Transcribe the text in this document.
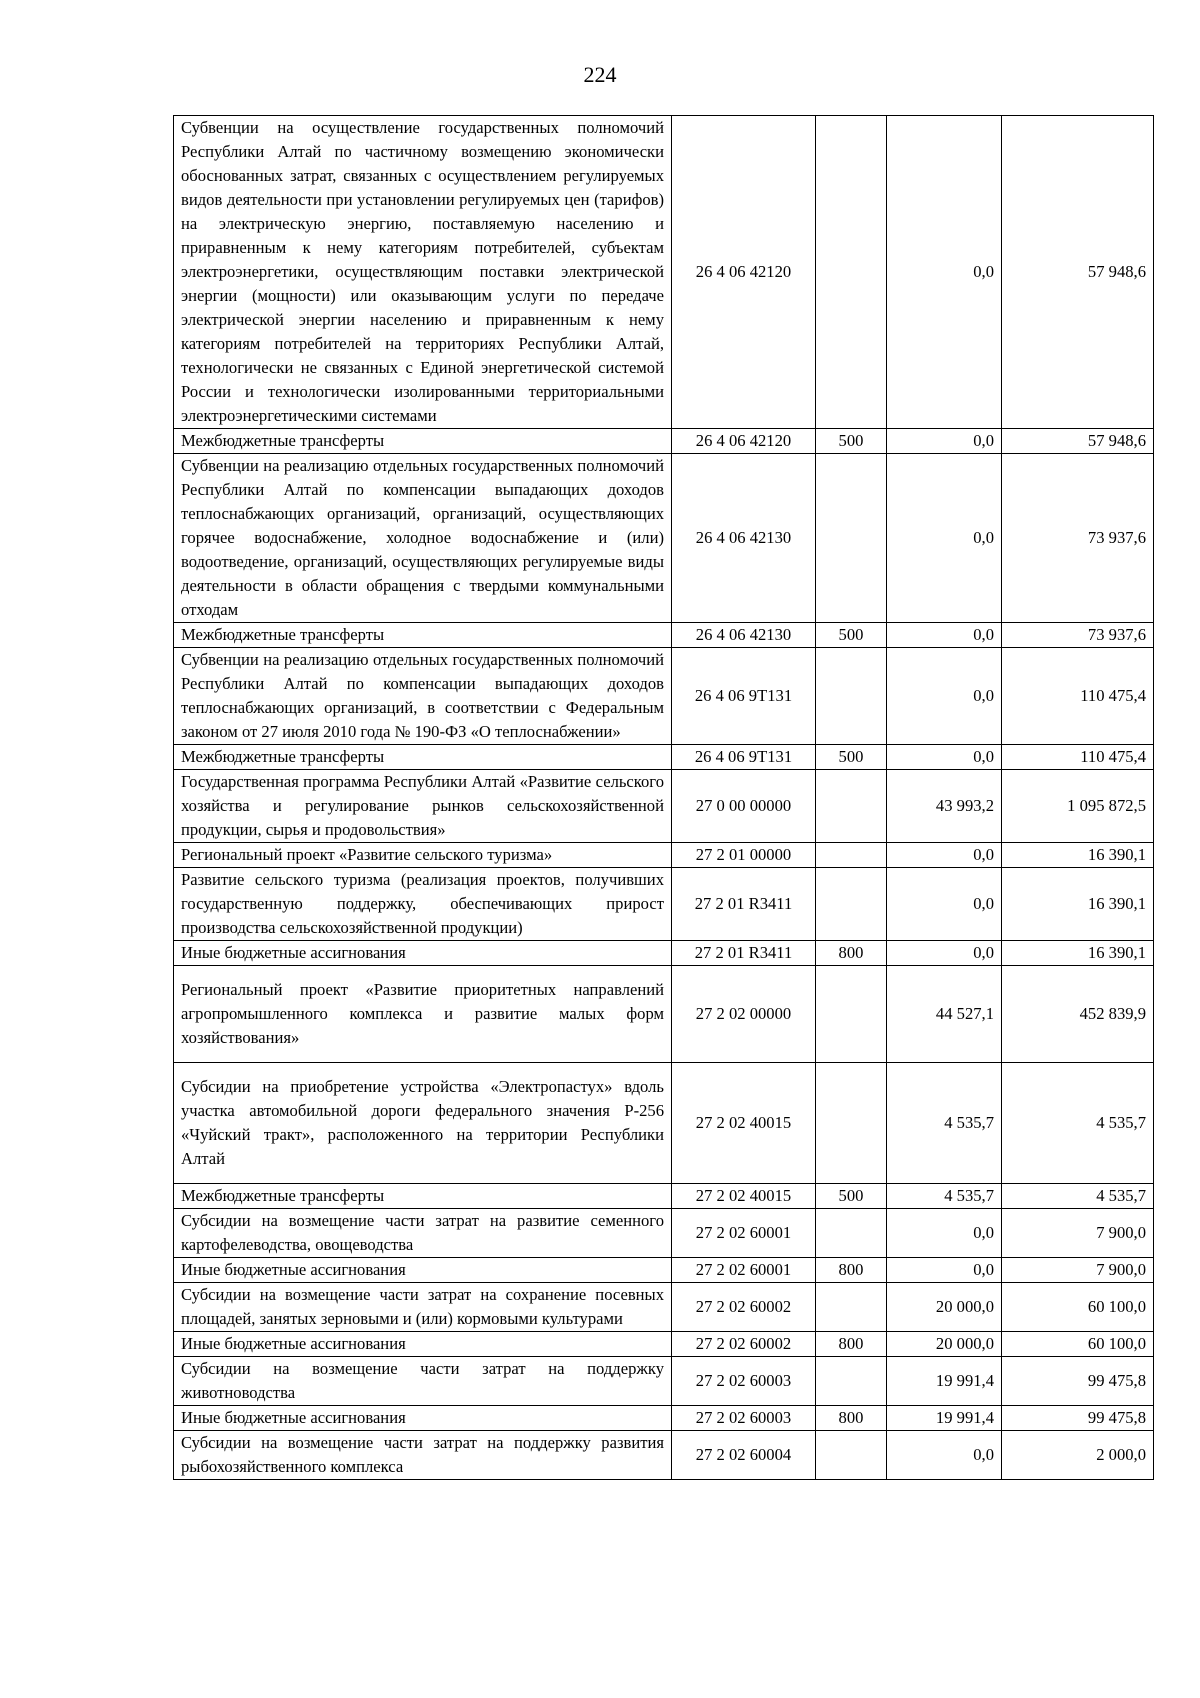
224
Субвенции на осуществление государственных полномочий Республики Алтай по частичному возмещению экономически обоснованных затрат, связанных с осуществлением регулируемых видов деятельности при установлении регулируемых цен (тарифов) на электрическую энергию, поставляемую населению и приравненным к нему категориям потребителей, субъектам электроэнергетики, осуществляющим поставки электрической энергии (мощности) или оказывающим услуги по передаче электрической энергии населению и приравненным к нему категориям потребителей на территориях Республики Алтай, технологически не связанных с Единой энергетической системой России и технологически изолированными территориальными электроэнергетическими системами	26 4 06 42120		0,0	57 948,6
Межбюджетные трансферты	26 4 06 42120	500	0,0	57 948,6
Субвенции на реализацию отдельных государственных полномочий Республики Алтай по компенсации выпадающих доходов теплоснабжающих организаций, организаций, осуществляющих горячее водоснабжение, холодное водоснабжение и (или) водоотведение, организаций, осуществляющих регулируемые виды деятельности в области обращения с твердыми коммунальными отходам	26 4 06 42130		0,0	73 937,6
Межбюджетные трансферты	26 4 06 42130	500	0,0	73 937,6
Субвенции на реализацию отдельных государственных полномочий Республики Алтай по компенсации выпадающих доходов теплоснабжающих организаций, в соответствии с Федеральным законом от 27 июля 2010 года № 190-ФЗ «О теплоснабжении»	26 4 06 9Т131		0,0	110 475,4
Межбюджетные трансферты	26 4 06 9Т131	500	0,0	110 475,4
Государственная программа Республики Алтай «Развитие сельского хозяйства и регулирование рынков сельскохозяйственной продукции, сырья и продовольствия»	27 0 00 00000		43 993,2	1 095 872,5
Региональный проект «Развитие сельского туризма»	27 2 01 00000		0,0	16 390,1
Развитие сельского туризма (реализация проектов, получивших государственную поддержку, обеспечивающих прирост производства сельскохозяйственной продукции)	27 2 01 R3411		0,0	16 390,1
Иные бюджетные ассигнования	27 2 01 R3411	800	0,0	16 390,1
Региональный проект «Развитие приоритетных направлений агропромышленного комплекса и развитие малых форм хозяйствования»	27 2 02 00000		44 527,1	452 839,9
Субсидии на приобретение устройства «Электропастух» вдоль участка автомобильной дороги федерального значения Р-256 «Чуйский тракт», расположенного на территории Республики Алтай	27 2 02 40015		4 535,7	4 535,7
Межбюджетные трансферты	27 2 02 40015	500	4 535,7	4 535,7
Субсидии на возмещение части затрат на развитие семенного картофелеводства, овощеводства	27 2 02 60001		0,0	7 900,0
Иные бюджетные ассигнования	27 2 02 60001	800	0,0	7 900,0
Субсидии на возмещение части затрат на сохранение посевных площадей, занятых зерновыми и (или) кормовыми культурами	27 2 02 60002		20 000,0	60 100,0
Иные бюджетные ассигнования	27 2 02 60002	800	20 000,0	60 100,0
Субсидии на возмещение части затрат на поддержку животноводства	27 2 02 60003		19 991,4	99 475,8
Иные бюджетные ассигнования	27 2 02 60003	800	19 991,4	99 475,8
Субсидии на возмещение части затрат на поддержку развития рыбохозяйственного комплекса	27 2 02 60004		0,0	2 000,0
